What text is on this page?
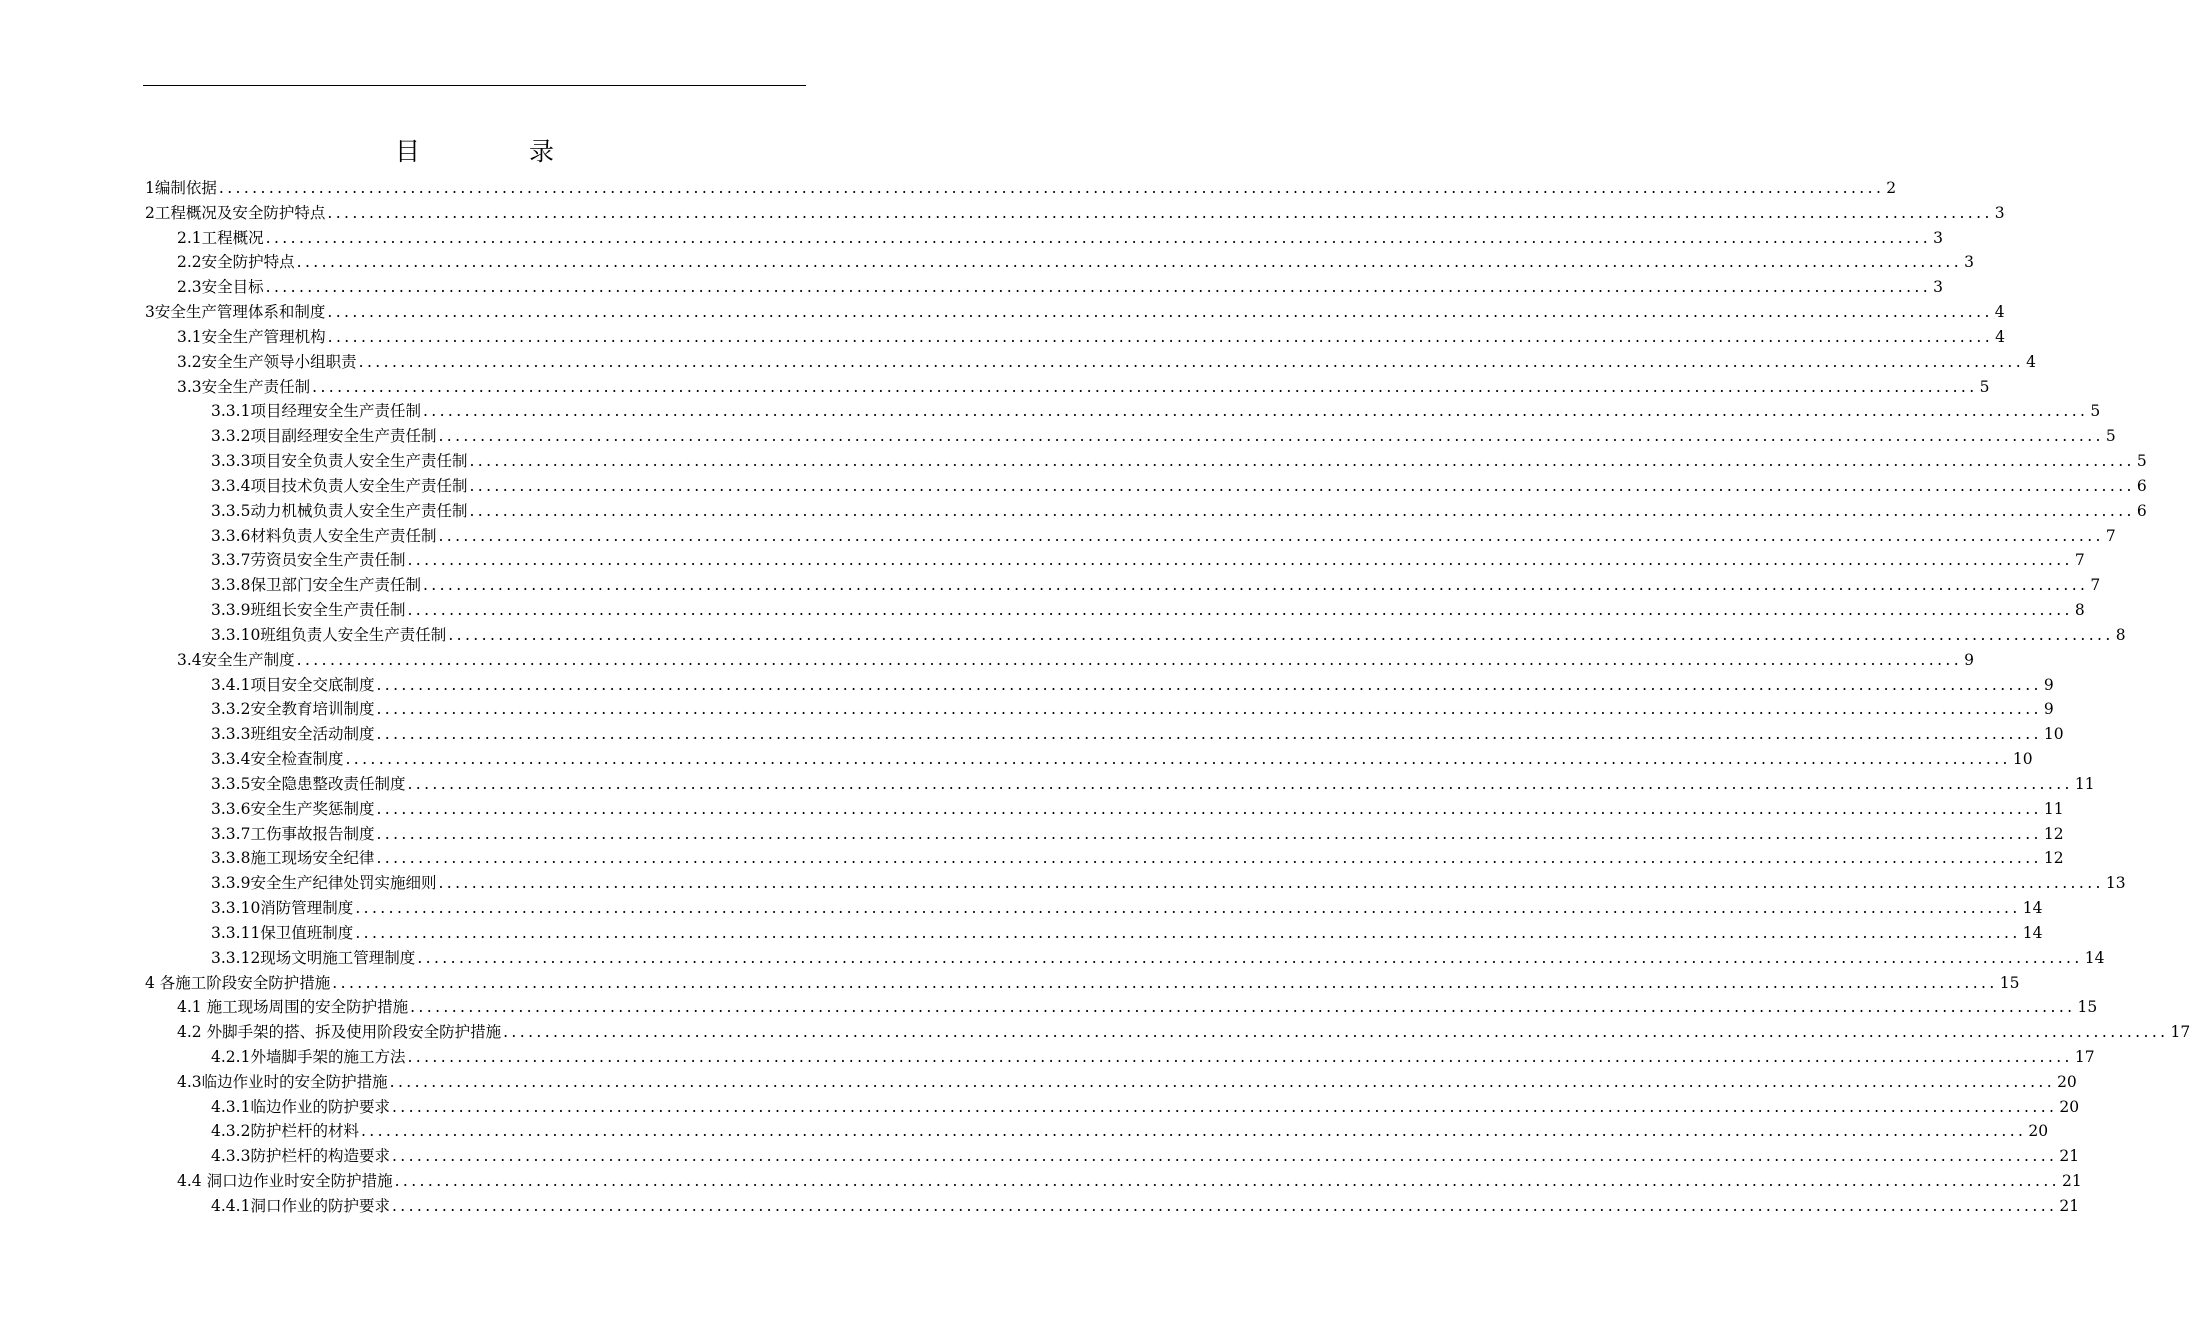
目　录
1编制依据 ........................................................................................................................................................................................................ 2
2工程概况及安全防护特点 ........................................................................................................................................................................................................ 3
2.1工程概况 ........................................................................................................................................................................................................ 3
2.2安全防护特点 ........................................................................................................................................................................................................ 3
2.3安全目标 ........................................................................................................................................................................................................ 3
3安全生产管理体系和制度 ........................................................................................................................................................................................................ 4
3.1安全生产管理机构 ........................................................................................................................................................................................................ 4
3.2安全生产领导小组职责 ........................................................................................................................................................................................................ 4
3.3安全生产责任制 ........................................................................................................................................................................................................ 5
3.3.1项目经理安全生产责任制 ........................................................................................................................................................................................................ 5
3.3.2项目副经理安全生产责任制 ........................................................................................................................................................................................................ 5
3.3.3项目安全负责人安全生产责任制 ........................................................................................................................................................................................................ 5
3.3.4项目技术负责人安全生产责任制 ........................................................................................................................................................................................................ 6
3.3.5动力机械负责人安全生产责任制 ........................................................................................................................................................................................................ 6
3.3.6材料负责人安全生产责任制 ........................................................................................................................................................................................................ 7
3.3.7劳资员安全生产责任制 ........................................................................................................................................................................................................ 7
3.3.8保卫部门安全生产责任制 ........................................................................................................................................................................................................ 7
3.3.9班组长安全生产责任制 ........................................................................................................................................................................................................ 8
3.3.10班组负责人安全生产责任制 ........................................................................................................................................................................................................ 8
3.4安全生产制度 ........................................................................................................................................................................................................ 9
3.4.1项目安全交底制度 ........................................................................................................................................................................................................ 9
3.3.2安全教育培训制度 ........................................................................................................................................................................................................ 9
3.3.3班组安全活动制度 ........................................................................................................................................................................................................ 10
3.3.4安全检查制度 ........................................................................................................................................................................................................ 10
3.3.5安全隐患整改责任制度 ........................................................................................................................................................................................................ 11
3.3.6安全生产奖惩制度 ........................................................................................................................................................................................................ 11
3.3.7工伤事故报告制度 ........................................................................................................................................................................................................ 12
3.3.8施工现场安全纪律 ........................................................................................................................................................................................................ 12
3.3.9安全生产纪律处罚实施细则 ........................................................................................................................................................................................................ 13
3.3.10消防管理制度 ........................................................................................................................................................................................................ 14
3.3.11保卫值班制度 ........................................................................................................................................................................................................ 14
3.3.12现场文明施工管理制度 ........................................................................................................................................................................................................ 14
4 各施工阶段安全防护措施 ........................................................................................................................................................................................................ 15
4.1 施工现场周围的安全防护措施 ........................................................................................................................................................................................................ 15
4.2 外脚手架的搭、拆及使用阶段安全防护措施 ........................................................................................................................................................................................................ 17
4.2.1外墙脚手架的施工方法 ........................................................................................................................................................................................................ 17
4.3临边作业时的安全防护措施 ........................................................................................................................................................................................................ 20
4.3.1临边作业的防护要求 ........................................................................................................................................................................................................ 20
4.3.2防护栏杆的材料 ........................................................................................................................................................................................................ 20
4.3.3防护栏杆的构造要求 ........................................................................................................................................................................................................ 21
4.4 洞口边作业时安全防护措施 ........................................................................................................................................................................................................ 21
4.4.1洞口作业的防护要求 ........................................................................................................................................................................................................ 21
